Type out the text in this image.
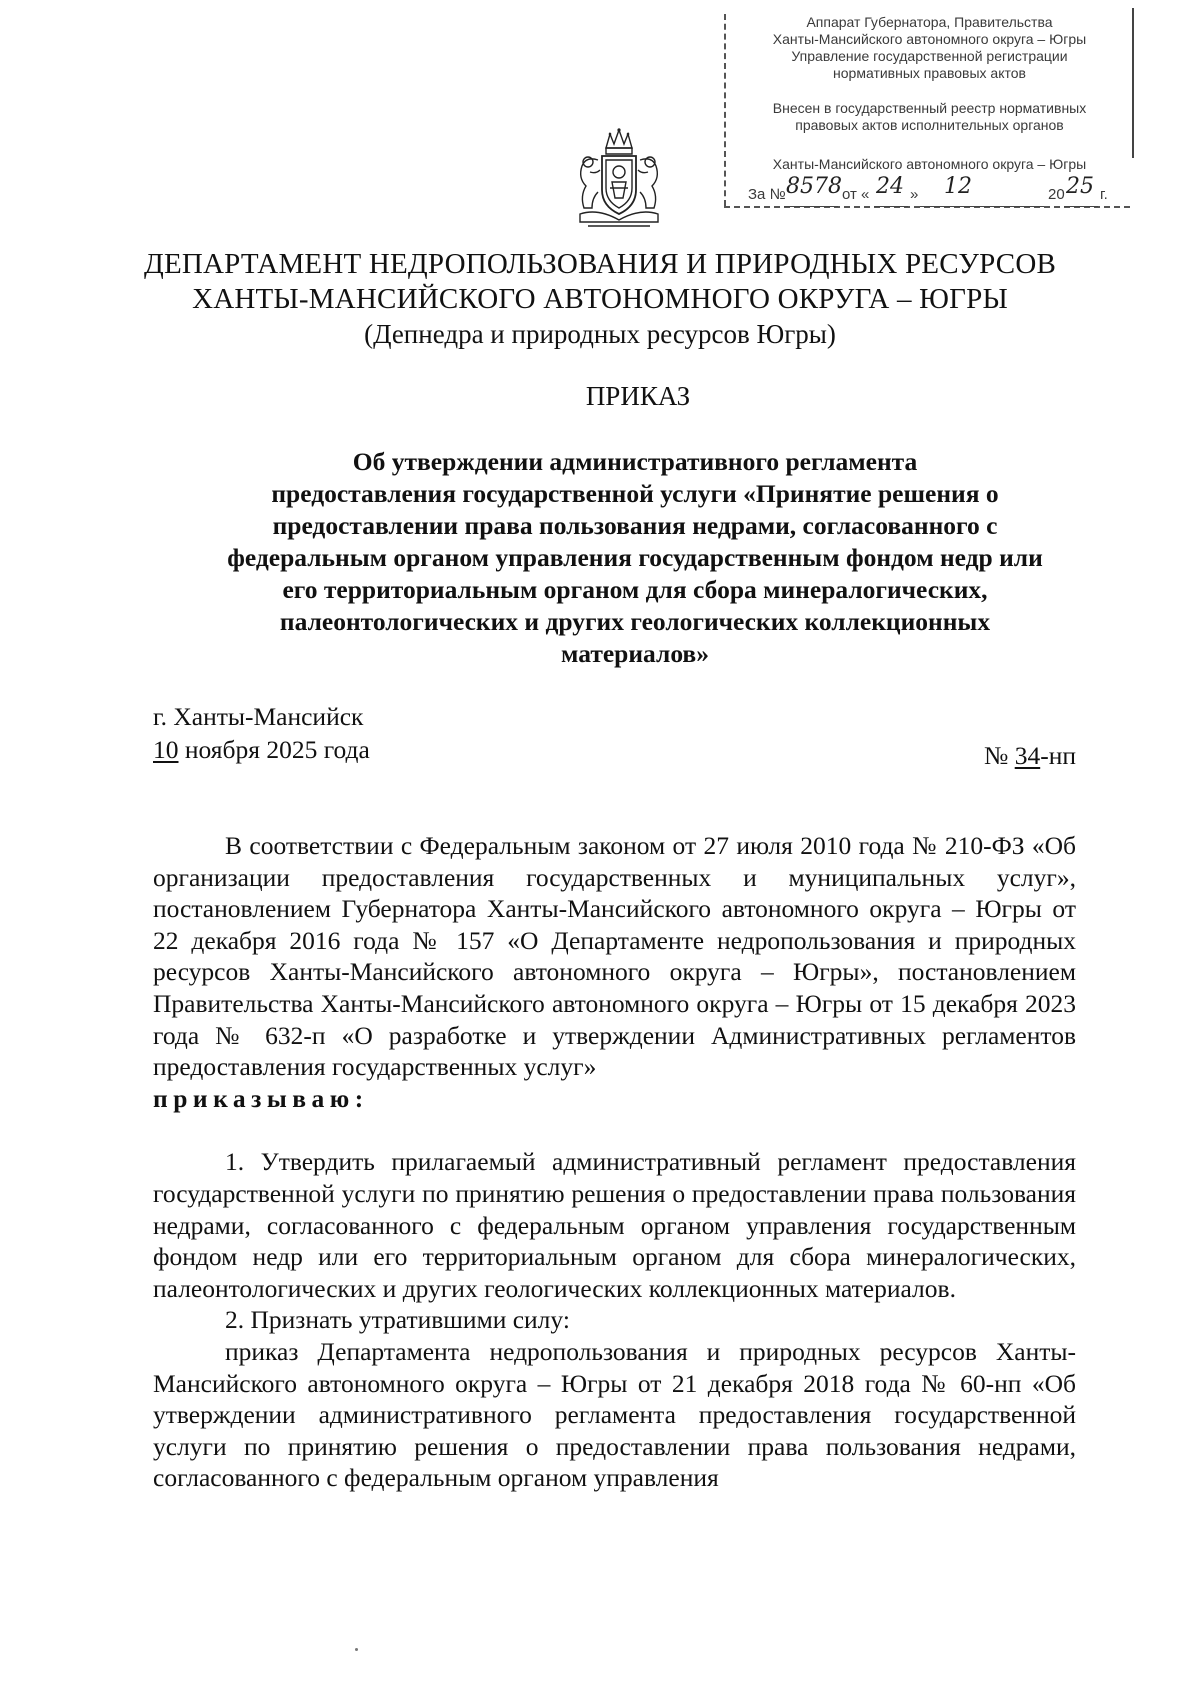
Аппарат Губернатора, Правительства
Ханты-Мансийского автономного округа – Югры
Управление государственной регистрации
нормативных правовых актов
Внесен в государственный реестр нормативных
правовых актов исполнительных органов
Ханты-Мансийского автономного округа – Югры
За № 8578 от « 24 » 12	20 25 г.
ДЕПАРТАМЕНТ НЕДРОПОЛЬЗОВАНИЯ И ПРИРОДНЫХ РЕСУРСОВ
ХАНТЫ-МАНСИЙСКОГО АВТОНОМНОГО ОКРУГА – ЮГРЫ
(Депнедра и природных ресурсов Югры)
ПРИКАЗ
Об утверждении административного регламента
предоставления государственной услуги «Принятие решения о
предоставлении права пользования недрами, согласованного с
федеральным органом управления государственным фондом недр или
его территориальным органом для сбора минералогических,
палеонтологических и других геологических коллекционных
материалов»
г. Ханты-Мансийск
10 ноября 2025 года	№ 34-нп

В соответствии с Федеральным законом от 27 июля 2010 года № 210-ФЗ «Об организации предоставления государственных и муниципальных услуг», постановлением Губернатора Ханты-Мансийского автономного округа – Югры от 22 декабря 2016 года № 157 «О Департаменте недропользования и природных ресурсов Ханты-Мансийского автономного округа – Югры», постановлением Правительства Ханты-Мансийского автономного округа – Югры от 15 декабря 2023 года № 632-п «О разработке и утверждении Административных регламентов предоставления государственных услуг»

приказываю:

1. Утвердить прилагаемый административный регламент предоставления государственной услуги по принятию решения о предоставлении права пользования недрами, согласованного с федеральным органом управления государственным фондом недр или его территориальным органом для сбора минералогических, палеонтологических и других геологических коллекционных материалов.

2. Признать утратившими силу:

приказ Департамента недропользования и природных ресурсов Ханты-Мансийского автономного округа – Югры от 21 декабря 2018 года № 60-нп «Об утверждении административного регламента предоставления государственной услуги по принятию решения о предоставлении права пользования недрами, согласованного с федеральным органом управления
